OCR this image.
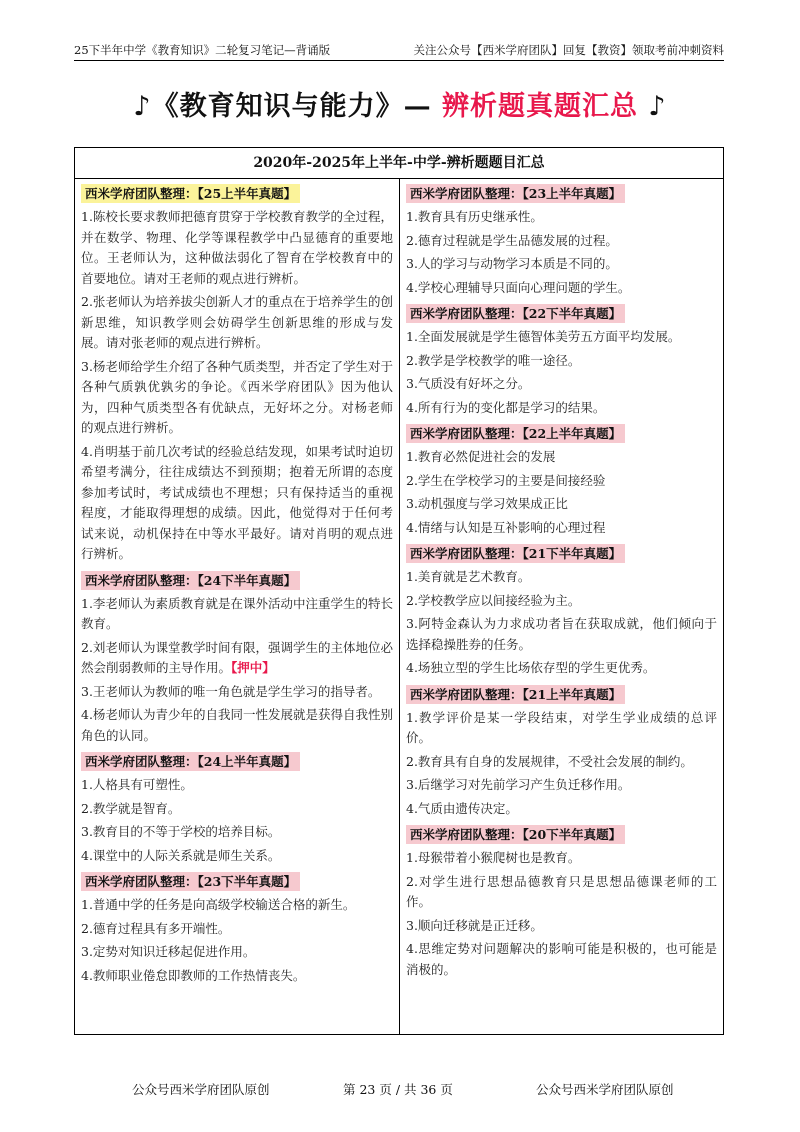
25下半年中学《教育知识》二轮复习笔记—背诵版	关注公众号【西米学府团队】回复【教资】领取考前冲刺资料
♪《教育知识与能力》— 辨析题真题汇总 ♪
2020年-2025年上半年-中学-辨析题题目汇总
西米学府团队整理：【25上半年真题】
1.陈校长要求教师把德育贯穿于学校教育教学的全过程，并在数学、物理、化学等课程教学中凸显德育的重要地位。王老师认为，这种做法弱化了智育在学校教育中的首要地位。请对王老师的观点进行辨析。
2.张老师认为培养拔尖创新人才的重点在于培养学生的创新思维，知识教学则会妨碍学生创新思维的形成与发展。请对张老师的观点进行辨析。
3.杨老师给学生介绍了各种气质类型，并否定了学生对于各种气质孰优孰劣的争论。《西米学府团队》因为他认为，四种气质类型各有优缺点，无好坏之分。对杨老师的观点进行辨析。
4.肖明基于前几次考试的经验总结发现，如果考试时迫切希望考满分，往往成绩达不到预期；抱着无所谓的态度参加考试时，考试成绩也不理想；只有保持适当的重视程度，才能取得理想的成绩。因此，他觉得对于任何考试来说，动机保持在中等水平最好。请对肖明的观点进行辨析。
西米学府团队整理：【24下半年真题】
1.李老师认为素质教育就是在课外活动中注重学生的特长教育。
2.刘老师认为课堂教学时间有限，强调学生的主体地位必然会削弱教师的主导作用。【押中】
3.王老师认为教师的唯一角色就是学生学习的指导者。
4.杨老师认为青少年的自我同一性发展就是获得自我性别角色的认同。
西米学府团队整理：【24上半年真题】
1.人格具有可塑性。
2.教学就是智育。
3.教育目的不等于学校的培养目标。
4.课堂中的人际关系就是师生关系。
西米学府团队整理：【23下半年真题】
1.普通中学的任务是向高级学校输送合格的新生。
2.德育过程具有多开端性。
3.定势对知识迁移起促进作用。
4.教师职业倦怠即教师的工作热情丧失。
西米学府团队整理：【23上半年真题】
1.教育具有历史继承性。
2.德育过程就是学生品德发展的过程。
3.人的学习与动物学习本质是不同的。
4.学校心理辅导只面向心理问题的学生。
西米学府团队整理：【22下半年真题】
1.全面发展就是学生德智体美劳五方面平均发展。
2.教学是学校教学的唯一途径。
3.气质没有好坏之分。
4.所有行为的变化都是学习的结果。
西米学府团队整理：【22上半年真题】
1.教育必然促进社会的发展
2.学生在学校学习的主要是间接经验
3.动机强度与学习效果成正比
4.情绪与认知是互补影响的心理过程
西米学府团队整理：【21下半年真题】
1.美育就是艺术教育。
2.学校教学应以间接经验为主。
3.阿特金森认为力求成功者旨在获取成就，他们倾向于选择稳操胜券的任务。
4.场独立型的学生比场依存型的学生更优秀。
西米学府团队整理：【21上半年真题】
1.教学评价是某一学段结束，对学生学业成绩的总评价。
2.教育具有自身的发展规律，不受社会发展的制约。
3.后继学习对先前学习产生负迁移作用。
4.气质由遗传决定。
西米学府团队整理：【20下半年真题】
1.母猴带着小猴爬树也是教育。
2.对学生进行思想品德教育只是思想品德课老师的工作。
3.顺向迁移就是正迁移。
4.思维定势对问题解决的影响可能是积极的，也可能是消极的。
公众号西米学府团队原创	第 23 页 / 共 36 页	公众号西米学府团队原创
